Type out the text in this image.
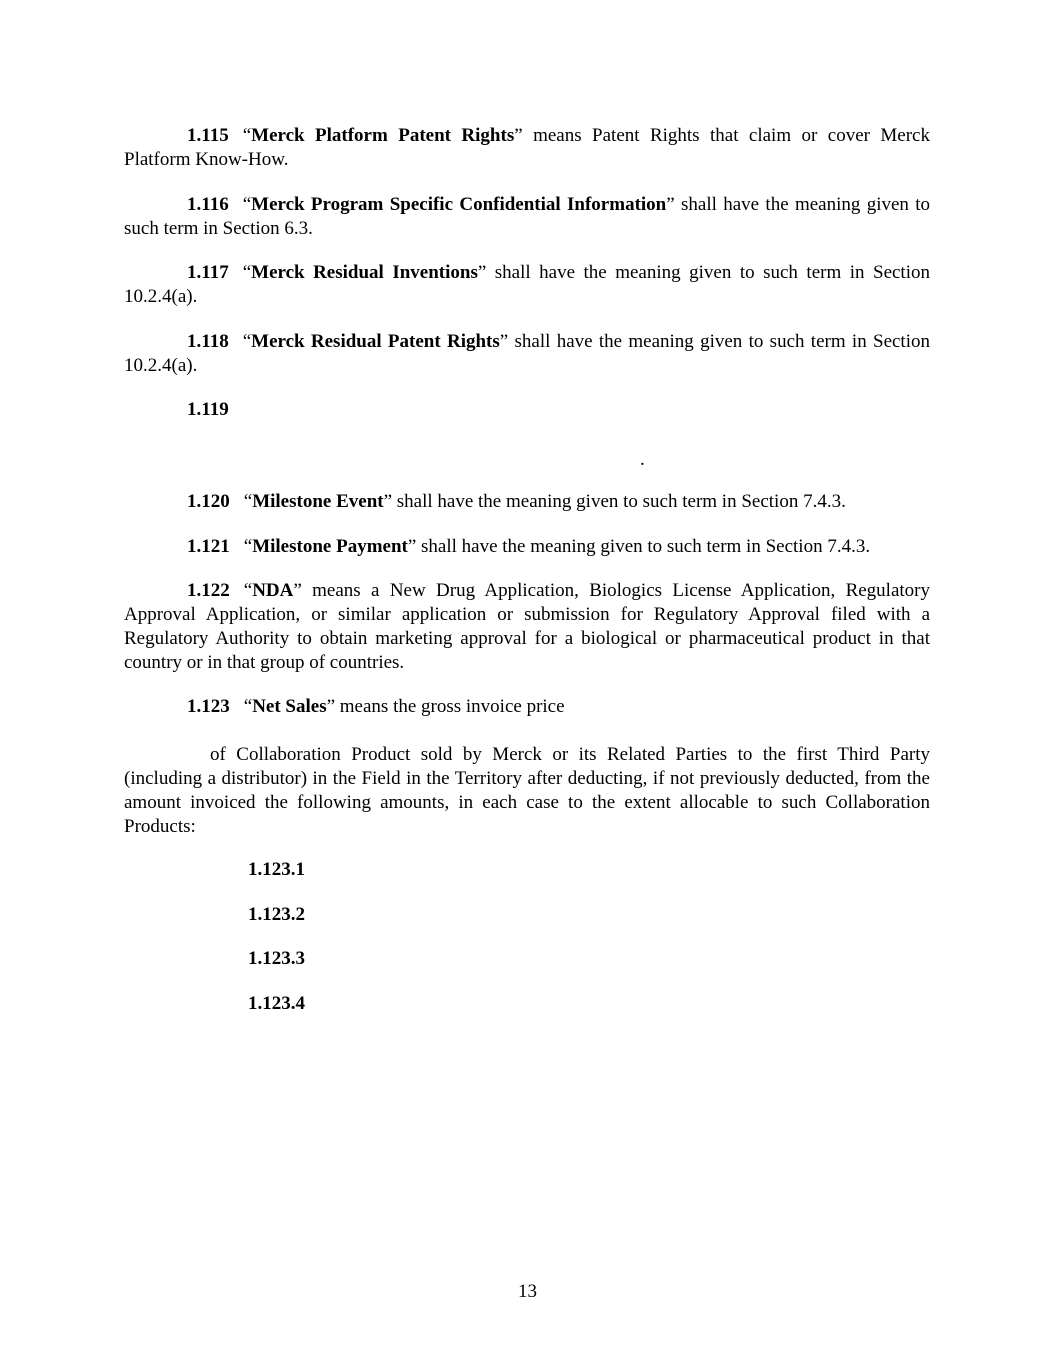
1.115 “Merck Platform Patent Rights” means Patent Rights that claim or cover Merck Platform Know-How.

1.116 “Merck Program Specific Confidential Information” shall have the meaning given to such term in Section 6.3.

1.117 “Merck Residual Inventions” shall have the meaning given to such term in Section 10.2.4(a).

1.118 “Merck Residual Patent Rights” shall have the meaning given to such term in Section 10.2.4(a).

1.119

.

1.120 “Milestone Event” shall have the meaning given to such term in Section 7.4.3.

1.121 “Milestone Payment” shall have the meaning given to such term in Section 7.4.3.

1.122 “NDA” means a New Drug Application, Biologics License Application, Regulatory Approval Application, or similar application or submission for Regulatory Approval filed with a Regulatory Authority to obtain marketing approval for a biological or pharmaceutical product in that country or in that group of countries.

1.123 “Net Sales” means the gross invoice price

of Collaboration Product sold by Merck or its Related Parties to the first Third Party (including a distributor) in the Field in the Territory after deducting, if not previously deducted, from the amount invoiced the following amounts, in each case to the extent allocable to such Collaboration Products:

1.123.1

1.123.2

1.123.3

1.123.4

13
